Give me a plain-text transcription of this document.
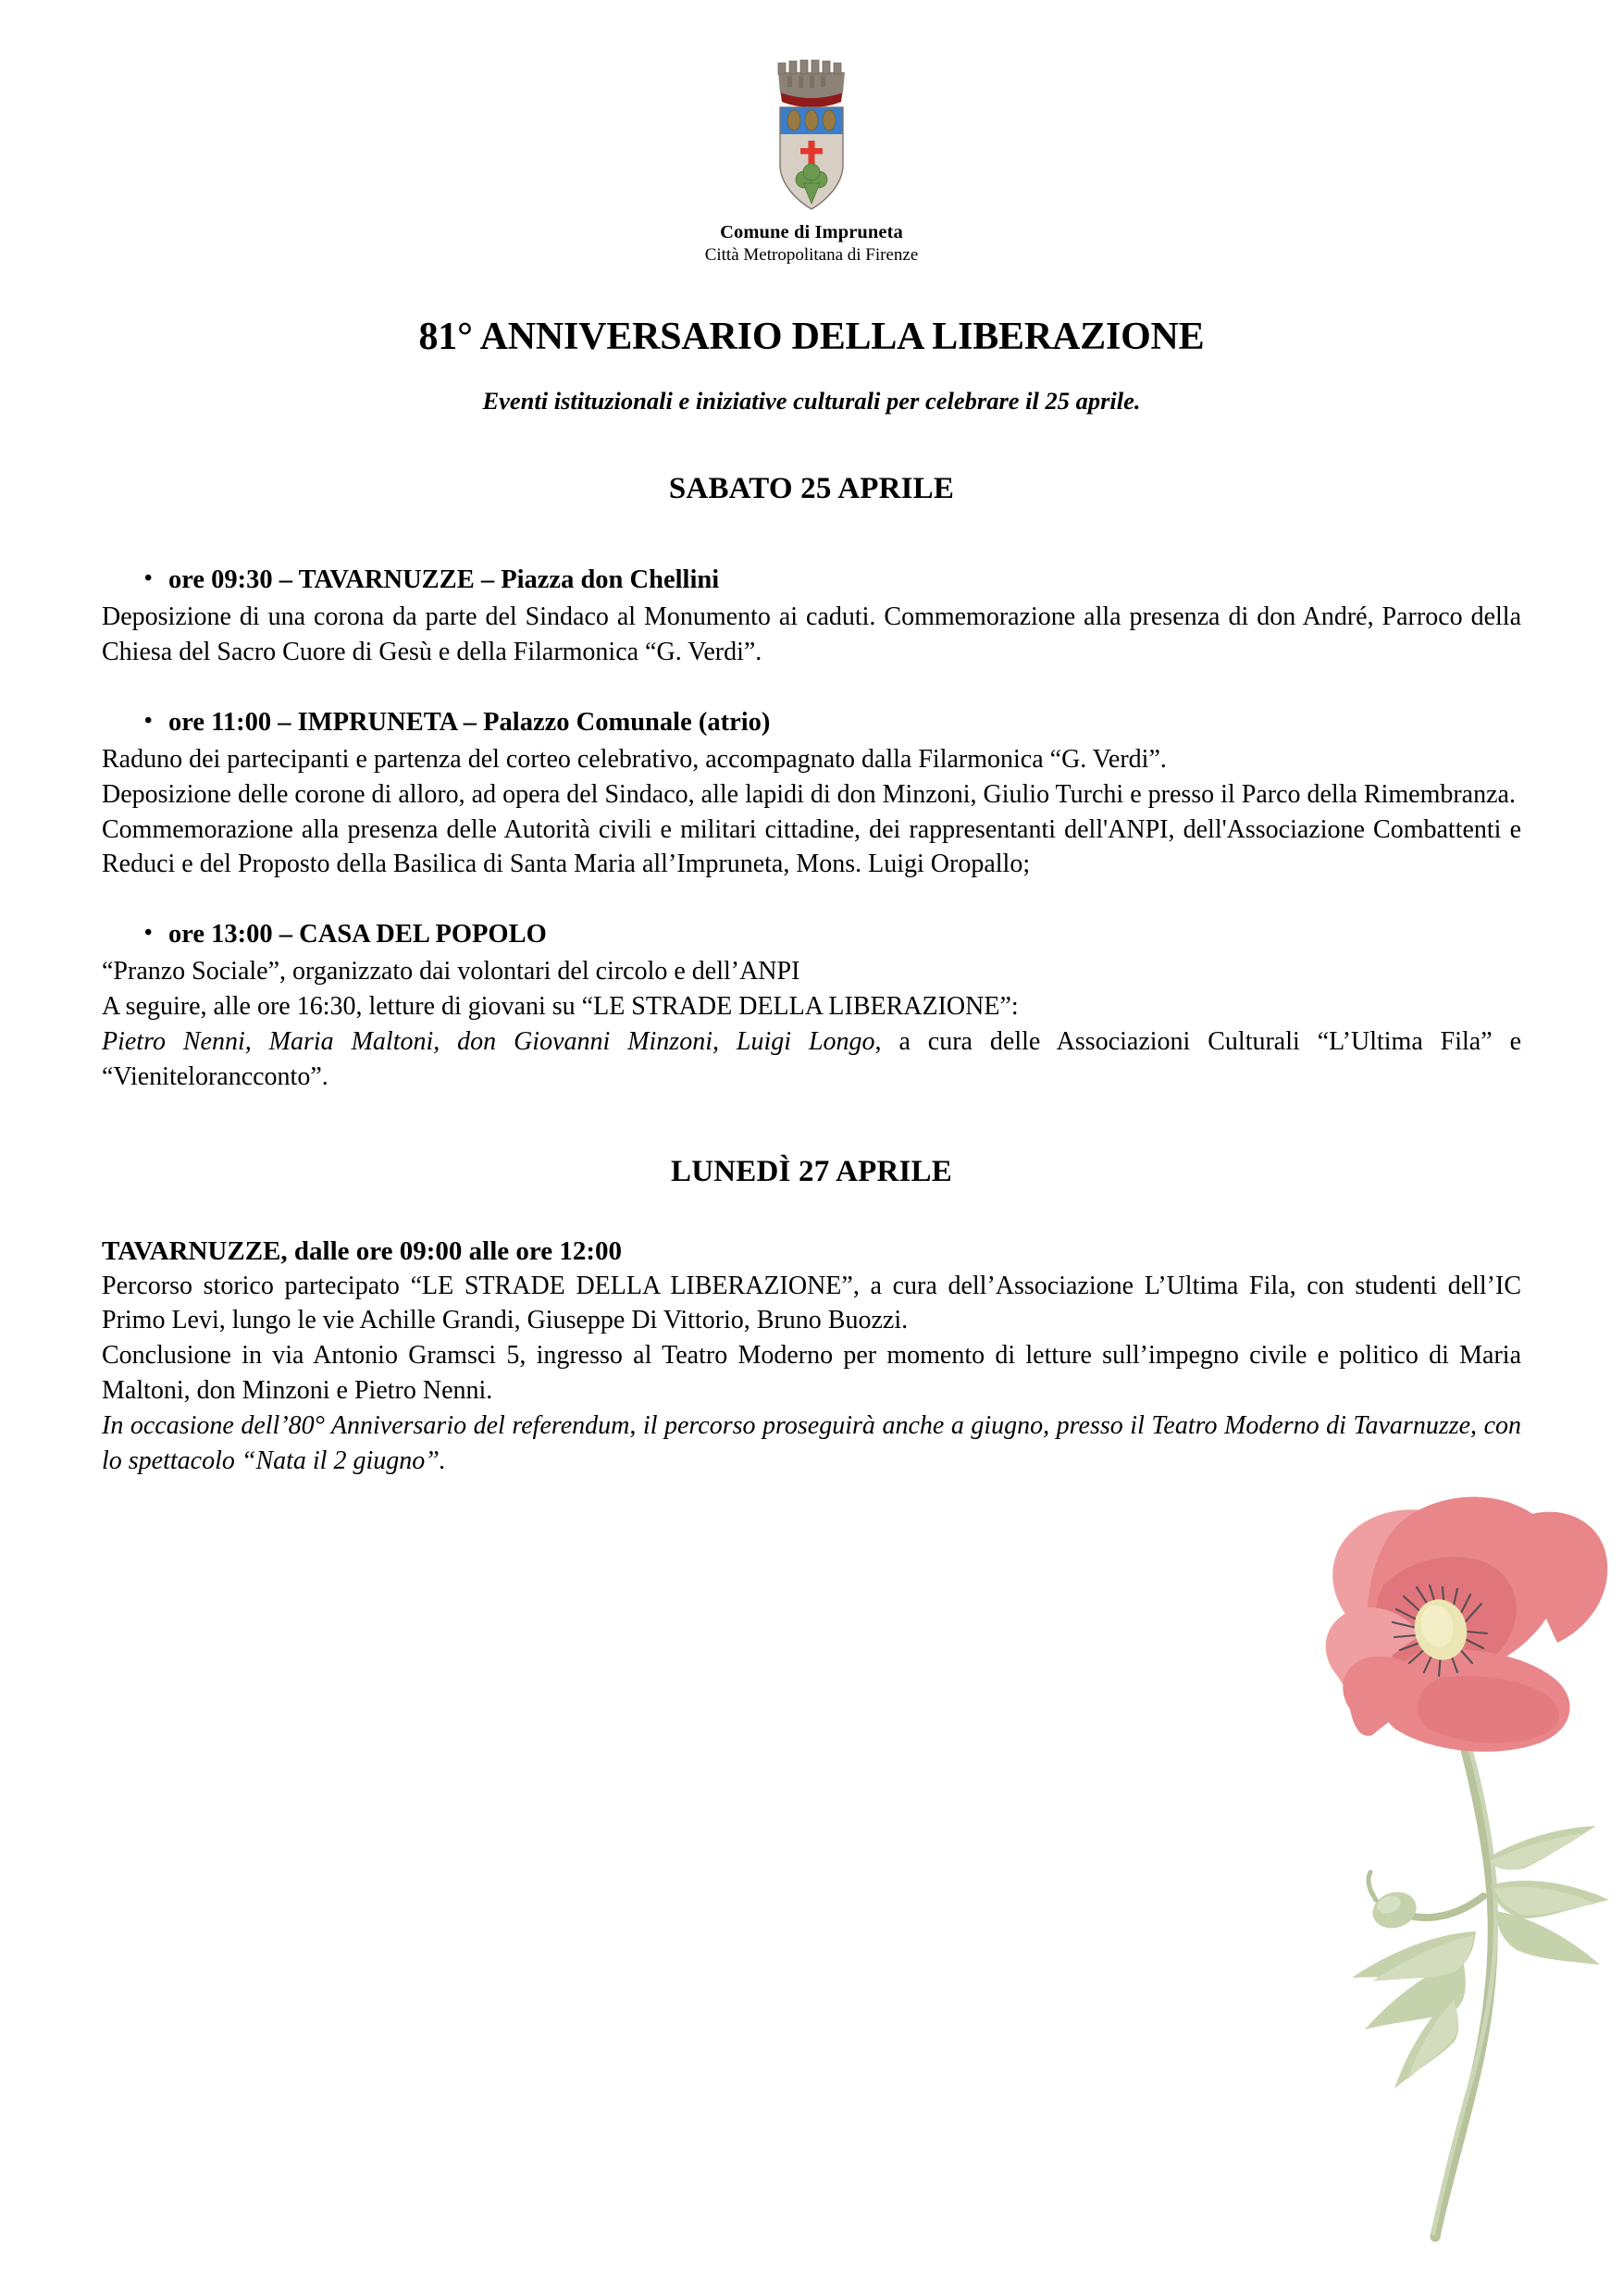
Comune di Impruneta
Città Metropolitana di Firenze
81° ANNIVERSARIO DELLA LIBERAZIONE
Eventi istituzionali e iniziative culturali per celebrare il 25 aprile.
SABATO 25 APRILE
• ore 09:30 – TAVARNUZZE – Piazza don Chellini

Deposizione di una corona da parte del Sindaco al Monumento ai caduti. Commemorazione alla presenza di don André, Parroco della Chiesa del Sacro Cuore di Gesù e della Filarmonica “G. Verdi”.

• ore 11:00 – IMPRUNETA – Palazzo Comunale (atrio)

Raduno dei partecipanti e partenza del corteo celebrativo, accompagnato dalla Filarmonica “G. Verdi”.

Deposizione delle corone di alloro, ad opera del Sindaco, alle lapidi di don Minzoni, Giulio Turchi e presso il Parco della Rimembranza.

Commemorazione alla presenza delle Autorità civili e militari cittadine, dei rappresentanti dell'ANPI, dell'Associazione Combattenti e Reduci e del Proposto della Basilica di Santa Maria all’Impruneta, Mons. Luigi Oropallo;

• ore 13:00 – CASA DEL POPOLO

“Pranzo Sociale”, organizzato dai volontari del circolo e dell’ANPI

A seguire, alle ore 16:30, letture di giovani su “LE STRADE DELLA LIBERAZIONE”:

Pietro Nenni, Maria Maltoni, don Giovanni Minzoni, Luigi Longo, a cura delle Associazioni Culturali “L’Ultima Fila” e “Vienitelorancconto”.

LUNEDÌ 27 APRILE
TAVARNUZZE, dalle ore 09:00 alle ore 12:00

Percorso storico partecipato “LE STRADE DELLA LIBERAZIONE”, a cura dell’Associazione L’Ultima Fila, con studenti dell’IC Primo Levi, lungo le vie Achille Grandi, Giuseppe Di Vittorio, Bruno Buozzi.

Conclusione in via Antonio Gramsci 5, ingresso al Teatro Moderno per momento di letture sull’impegno civile e politico di Maria Maltoni, don Minzoni e Pietro Nenni.

In occasione dell’80° Anniversario del referendum, il percorso proseguirà anche a giugno, presso il Teatro Moderno di Tavarnuzze, con lo spettacolo “Nata il 2 giugno”.
